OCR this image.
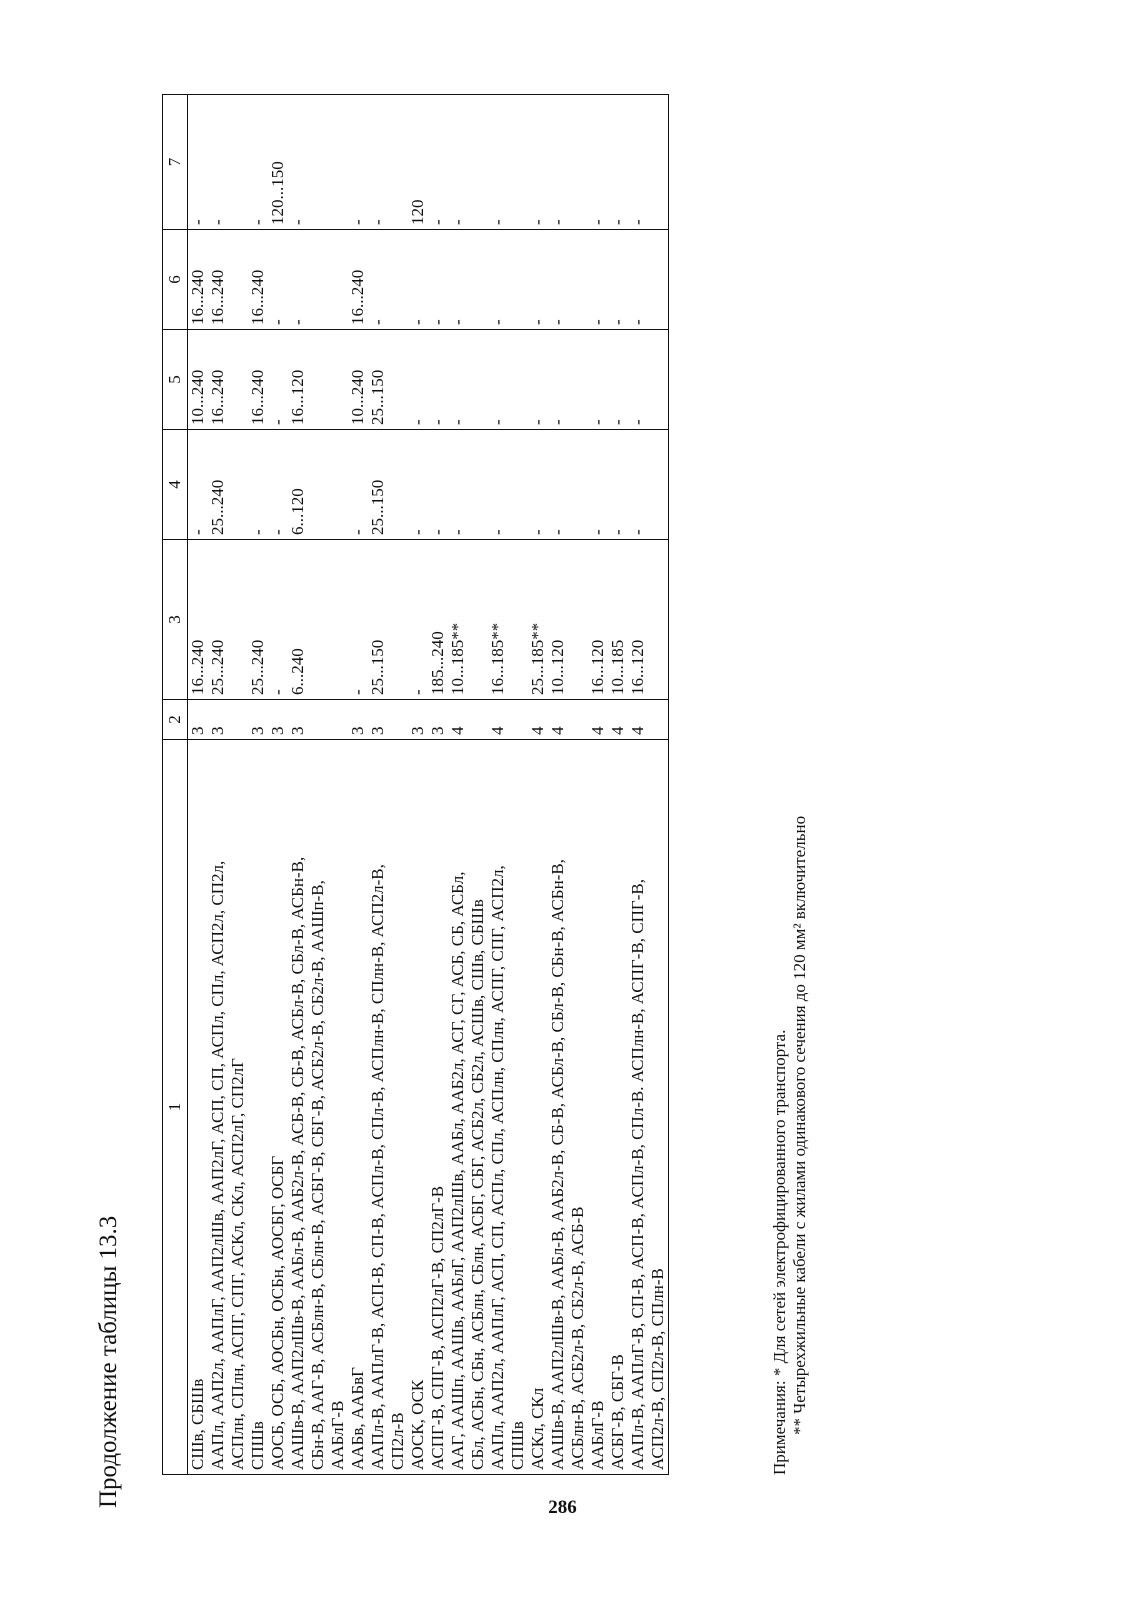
Продолжение таблицы 13.3
1	2	3	4	5	6	7

СШв, СБШв	3	16...240	-	10...240	16...240	-

ААПл, ААП2л, ААПлГ, ААП2лШв, ААП2лГ, АСП, СП, АСПл, СПл, АСП2л, СП2л, АСПлн, СПлн, АСПГ, СПГ, АСКл, СКл, АСП2лГ, СП2лГ	3	25...240	25...240	16...240	16...240	-

СПШв	3	25...240	-	16...240	16...240	-

АОСБ, ОСБ, АОСБн, ОСБн, АОСБГ, ОСБГ	3	-	-	-	-	120...150

ААШв-В, ААП2лШв-В, ААБл-В, ААБ2л-В, АСБ-В, СБ-В, АСБл-В, СБл-В, АСБн-В, СБн-В, ААГ-В, АСБлн-В, СБлн-В, АСБГ-В, СБГ-В, АСБ2л-В, СБ2л-В, ААШп-В, ААБлГ-В	3	6...240	6...120	16...120	-	-

ААБв, ААБвГ	3	-	-	10...240	16...240	-

ААПл-В, ААПлГ-В, АСП-В, СП-В, АСПл-В, СПл-В, АСПлн-В, СПлн-В, АСП2л-В, СП2л-В	3	25...150	25...150	25...150	-	-

АОСК, ОСК	3	-	-	-	-	120

АСПГ-В, СПГ-В, АСП2лГ-В, СП2лГ-В	3	185...240	-	-	-	-

ААГ, ААШп, ААШв, ААБлГ, ААП2лШв, ААБл, ААБ2л, АСГ, СГ, АСБ, СБ, АСБл, СБл, АСБн, СБн, АСБлн, СБлн, АСБГ, СБГ, АСБ2л, СБ2л, АСШв, СШв, СБШв	4	10...185**	-	-	-	-

ААПл, ААП2л, ААПлГ, АСП, СП, АСПл, СПл, АСПлн, СПлн, АСПГ, СПГ, АСП2л, СПШв	4	16...185**	-	-	-	-

АСКл, СКл	4	25...185**	-	-	-	-

ААШв-В, ААП2лШв-В, ААБл-В, ААБ2л-В, СБ-В, АСБл-В, СБл-В, СБн-В, АСБн-В, АСБлн-В, АСБ2л-В, СБ2л-В, АСБ-В	4	10...120	-	-	-	-

ААБлГ-В	4	16...120	-	-	-	-

АСБГ-В, СБГ-В	4	10...185	-	-	-	-

ААПл-В, ААПлГ-В, СП-В, АСП-В, АСПл-В, СПл-В. АСПлн-В, АСПГ-В, СПГ-В, АСП2л-В, СП2л-В, СПлн-В	4	16...120	-	-	-	-
Примечания: * Для сетей электрофицированного транспорта. ** Четырехжильные кабели с жилами одинакового сечения до 120 мм² включительно
286
